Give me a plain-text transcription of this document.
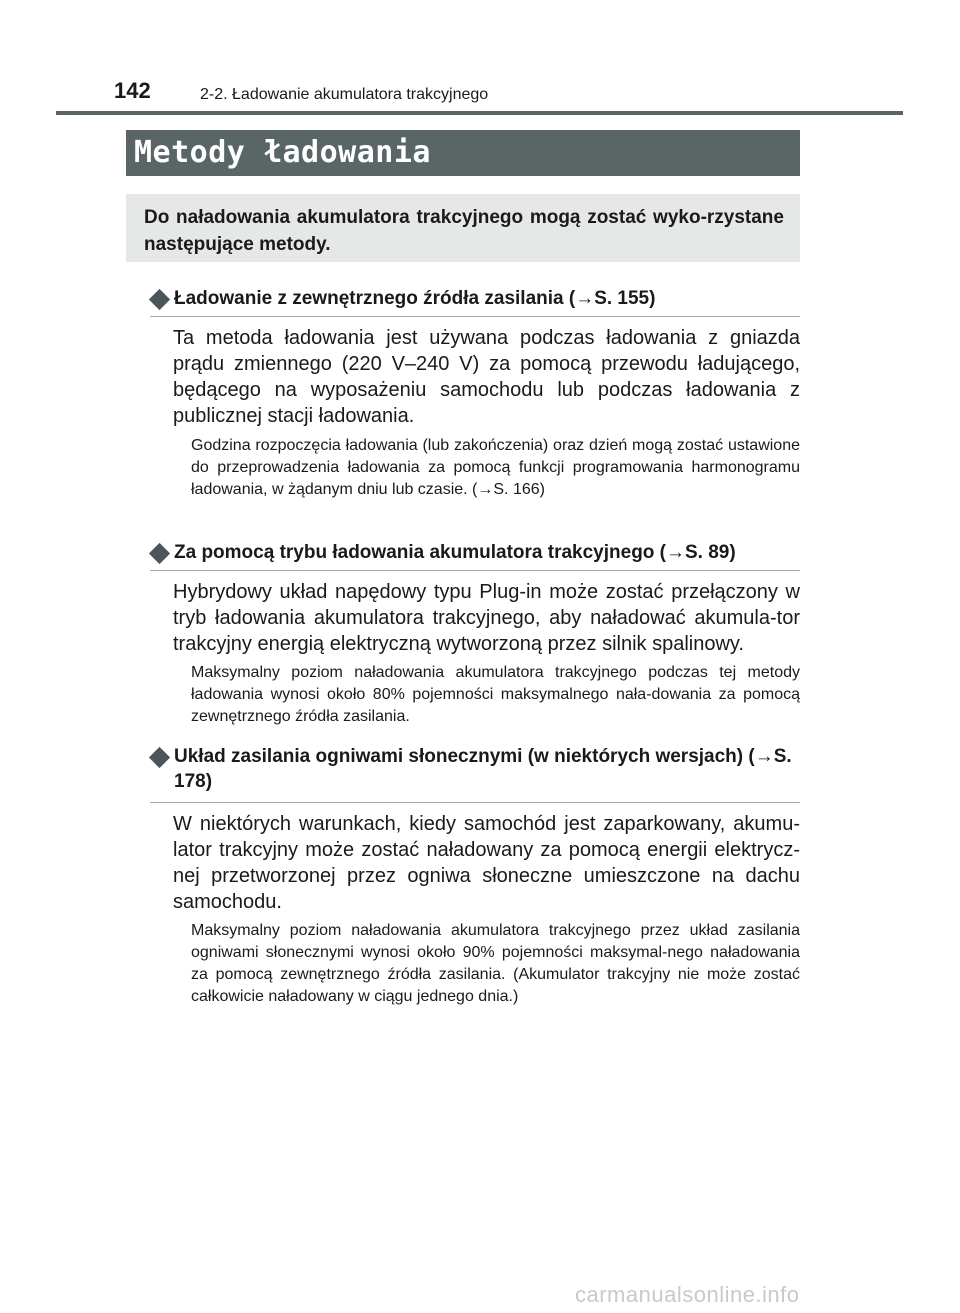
142	2-2. Ładowanie akumulatora trakcyjnego
Metody ładowania

Do naładowania akumulatora trakcyjnego mogą zostać wyko-rzystane następujące metody.

Ładowanie z zewnętrznego źródła zasilania (→S. 155)

Ta metoda ładowania jest używana podczas ładowania z gniazda prądu zmiennego (220 V–240 V) za pomocą przewodu ładującego, będącego na wyposażeniu samochodu lub podczas ładowania z publicznej stacji ładowania.

Godzina rozpoczęcia ładowania (lub zakończenia) oraz dzień mogą zostać ustawione do przeprowadzenia ładowania za pomocą funkcji programowania harmonogramu ładowania, w żądanym dniu lub czasie. (→S. 166)

Za pomocą trybu ładowania akumulatora trakcyjnego (→S. 89)

Hybrydowy układ napędowy typu Plug-in może zostać przełączony w tryb ładowania akumulatora trakcyjnego, aby naładować akumula-tor trakcyjny energią elektryczną wytworzoną przez silnik spalinowy.

Maksymalny poziom naładowania akumulatora trakcyjnego podczas tej metody ładowania wynosi około 80% pojemności maksymalnego nała-dowania za pomocą zewnętrznego źródła zasilania.

Układ zasilania ogniwami słonecznymi (w niektórych wersjach) (→S. 178)

W niektórych warunkach, kiedy samochód jest zaparkowany, akumu-lator trakcyjny może zostać naładowany za pomocą energii elektrycz-nej przetworzonej przez ogniwa słoneczne umieszczone na dachu samochodu.

Maksymalny poziom naładowania akumulatora trakcyjnego przez układ zasilania ogniwami słonecznymi wynosi około 90% pojemności maksymal-nego naładowania za pomocą zewnętrznego źródła zasilania. (Akumulator trakcyjny nie może zostać całkowicie naładowany w ciągu jednego dnia.)

carmanualsonline.info
